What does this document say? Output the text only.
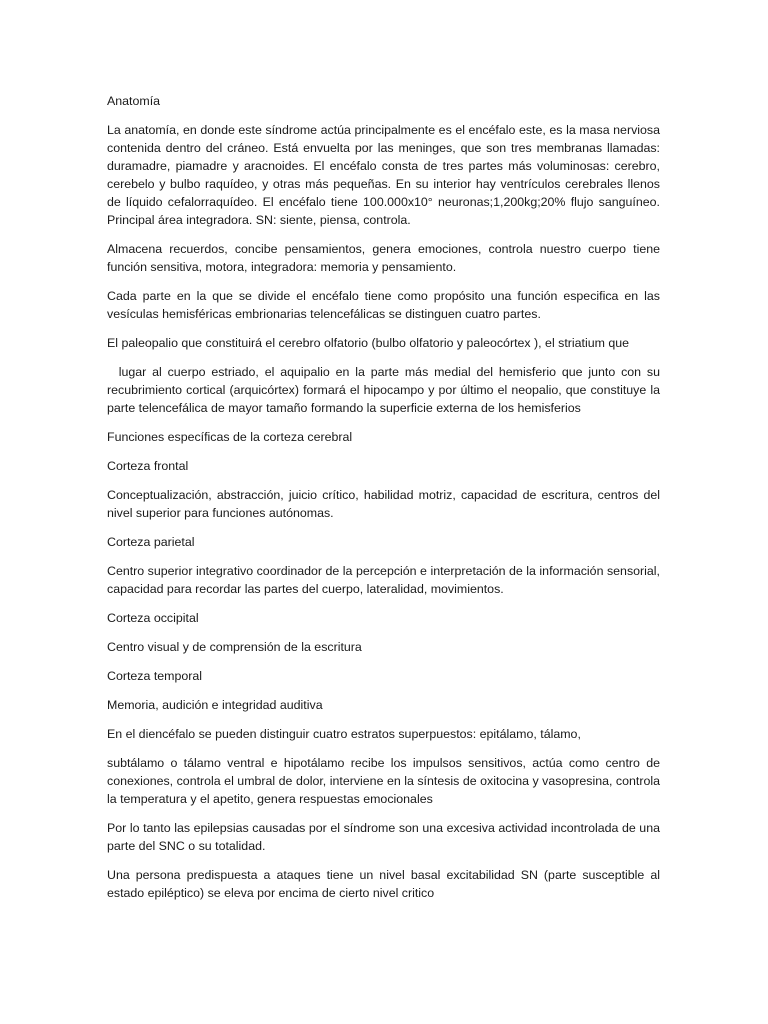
Anatomía

La anatomía, en donde este síndrome actúa principalmente es el encéfalo este, es la masa nerviosa contenida dentro del cráneo. Está envuelta por las meninges, que son tres membranas llamadas: duramadre, piamadre y aracnoides. El encéfalo consta de tres partes más voluminosas: cerebro, cerebelo y bulbo raquídeo, y otras más pequeñas. En su interior hay ventrículos cerebrales llenos de líquido cefalorraquídeo. El encéfalo tiene 100.000x10° neuronas;1,200kg;20% flujo sanguíneo. Principal área integradora. SN: siente, piensa, controla.

Almacena recuerdos, concibe pensamientos, genera emociones, controla nuestro cuerpo tiene función sensitiva, motora, integradora: memoria y pensamiento.

Cada parte en la que se divide el encéfalo tiene como propósito una función especifica en las vesículas hemisféricas embrionarias telencefálicas se distinguen cuatro partes.

El paleopalio que constituirá el cerebro olfatorio (bulbo olfatorio y paleocórtex ), el striatium que

lugar al cuerpo estriado, el aquipalio en la parte más medial del hemisferio que junto con su recubrimiento cortical (arquicórtex) formará el hipocampo y por último el neopalio, que constituye la parte telencefálica de mayor tamaño formando la superficie externa de los hemisferios

Funciones específicas de la corteza cerebral

Corteza frontal

Conceptualización, abstracción, juicio crítico, habilidad motriz, capacidad de escritura, centros del nivel superior para funciones autónomas.

Corteza parietal

Centro superior integrativo coordinador de la percepción e interpretación de la información sensorial, capacidad para recordar las partes del cuerpo, lateralidad, movimientos.

Corteza occipital

Centro visual y de comprensión de la escritura

Corteza temporal

Memoria, audición e integridad auditiva

En el diencéfalo se pueden distinguir cuatro estratos superpuestos: epitálamo, tálamo,

subtálamo o tálamo ventral e hipotálamo recibe los impulsos sensitivos, actúa como centro de conexiones, controla el umbral de dolor, interviene en la síntesis de oxitocina y vasopresina, controla la temperatura y el apetito, genera respuestas emocionales

Por lo tanto las epilepsias causadas por el síndrome son una excesiva actividad incontrolada de una parte del SNC o su totalidad.

Una persona predispuesta a ataques tiene un nivel basal excitabilidad SN (parte susceptible al estado epiléptico) se eleva por encima de cierto nivel critico
